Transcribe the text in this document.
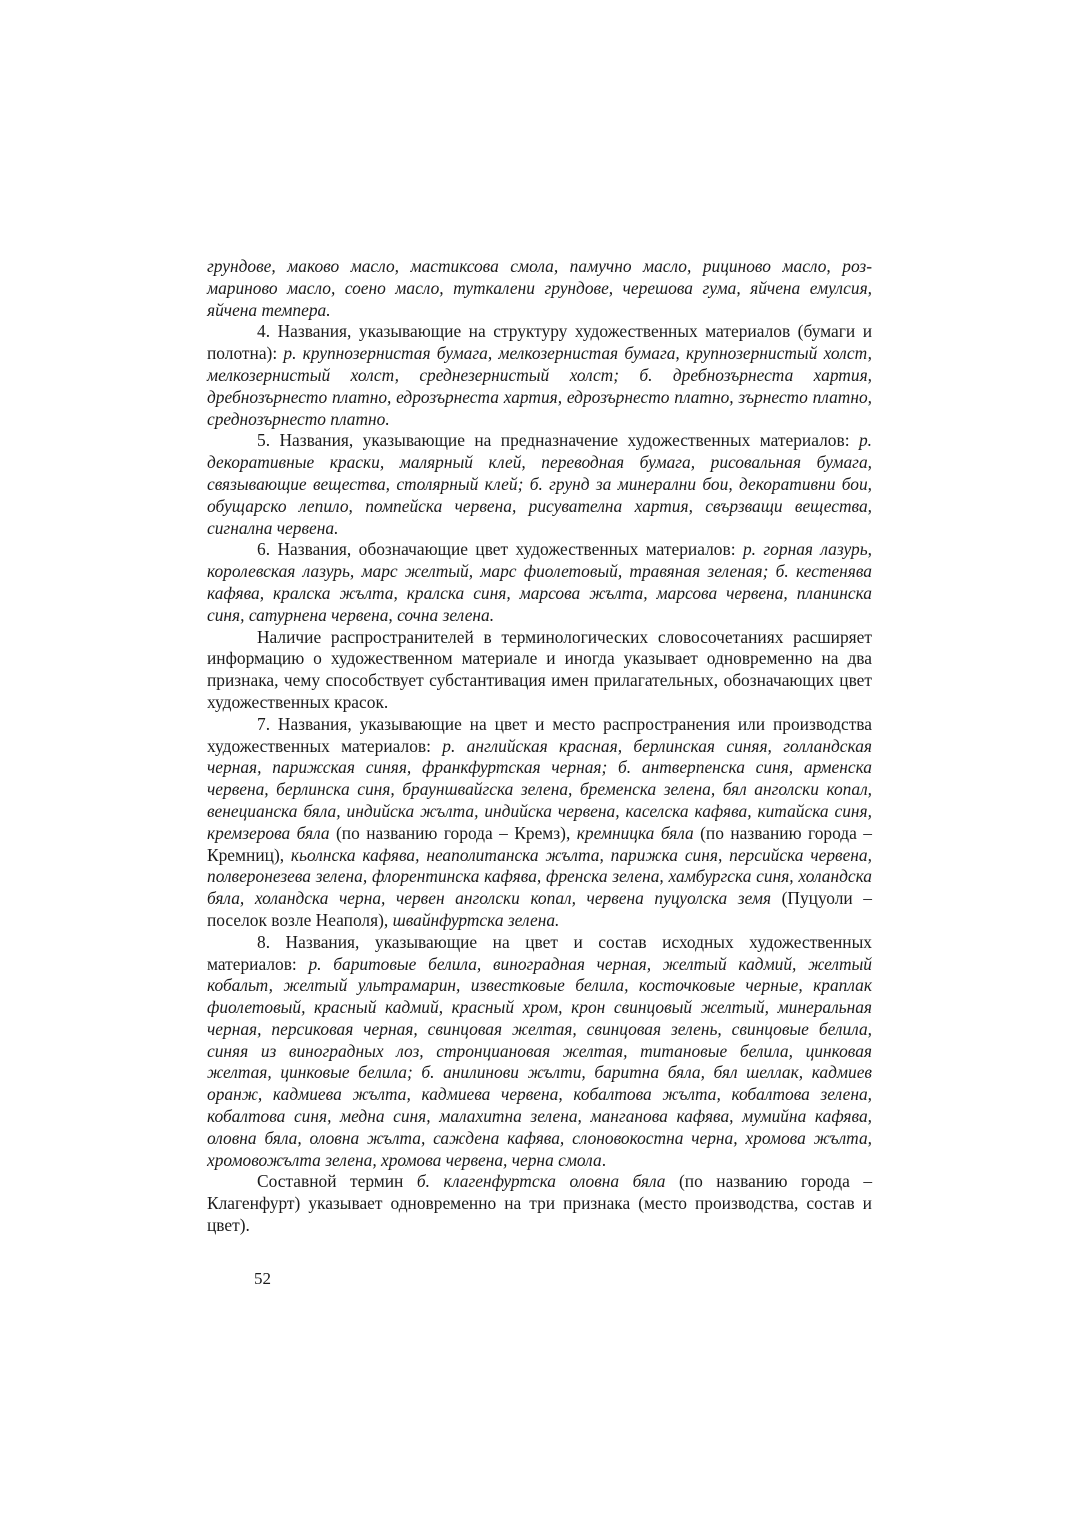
грундове, маково масло, мастиксова смола, памучно масло, рициново масло, розмариново масло, соено масло, туткалени грундове, черешова гума, яйчена емулсия, яйчена темпера.

4. Названия, указывающие на структуру художественных материалов (бумаги и полотна): р. крупнозернистая бумага, мелкозернистая бумага, крупнозернистый холст, мелкозернистый холст, среднезернистый холст; б. дребнозърнеста хартия, дребнозърнесто платно, едрозърнеста хартия, едрозърнесто платно, зърнесто платно, среднозърнесто платно.

5. Названия, указывающие на предназначение художественных материалов: р. декоративные краски, малярный клей, переводная бумага, рисовальная бумага, связывающие вещества, столярный клей; б. грунд за минерални бои, декоративни бои, обущарско лепило, помпейска червена, рисувателна хартия, свързващи вещества, сигнална червена.

6. Названия, обозначающие цвет художественных материалов: р. горная лазурь, королевская лазурь, марс желтый, марс фиолетовый, травяная зеленая; б. кестенява кафява, кралска жълта, кралска синя, марсова жълта, марсова червена, планинска синя, сатурнена червена, сочна зелена.

Наличие распространителей в терминологических словосочетаниях расширяет информацию о художественном материале и иногда указывает одновременно на два признака, чему способствует субстантивация имен прилагательных, обозначающих цвет художественных красок.

7. Названия, указывающие на цвет и место распространения или производства художественных материалов: р. английская красная, берлинская синяя, голландская черная, парижская синяя, франкфуртская черная; б. антверпенска синя, арменска червена, берлинска синя, брауншвайгска зелена, бременска зелена, бял анголски копал, венецианска бяла, индийска жълта, индийска червена, каселска кафява, китайска синя, кремзерова бяла (по названию города – Кремз), кремницка бяла (по названию города – Кремниц), кьолнска кафява, неаполитанска жълта, парижка синя, персийска червена, полверонезева зелена, флорентинска кафява, френска зелена, хамбургска синя, холандска бяла, холандска черна, червен анголски копал, червена пуцуолска земя (Пуцуоли – поселок возле Неаполя), швайнфуртска зелена.

8. Названия, указывающие на цвет и состав исходных художественных материалов: р. баритовые белила, виноградная черная, желтый кадмий, желтый кобальт, желтый ультрамарин, известковые белила, косточковые черные, краплак фиолетовый, красный кадмий, красный хром, крон свинцовый желтый, минеральная черная, персиковая черная, свинцовая желтая, свинцовая зелень, свинцовые белила, синяя из виноградных лоз, стронциановая желтая, титановые белила, цинковая желтая, цинковые белила; б. анилинови жълти, баритна бяла, бял шеллак, кадмиев оранж, кадмиева жълта, кадмиева червена, кобалтова жълта, кобалтова зелена, кобалтова синя, медна синя, малахитна зелена, манганова кафява, мумийна кафява, оловна бяла, оловна жълта, саждена кафява, слоновокостна черна, хромова жълта, хромовожълта зелена, хромова червена, черна смола.

Составной термин б. клагенфуртска оловна бяла (по названию города – Клагенфурт) указывает одновременно на три признака (место производства, состав и цвет).

52
